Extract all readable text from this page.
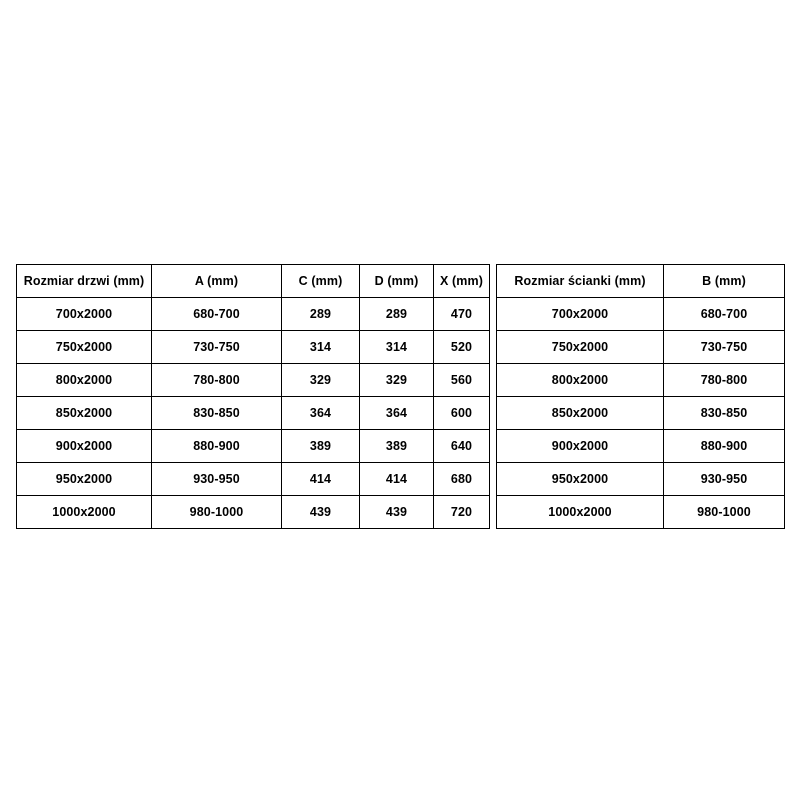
Rozmiar drzwi (mm)	A (mm)	C (mm)	D (mm)	X (mm)
700x2000	680-700	289	289	470
750x2000	730-750	314	314	520
800x2000	780-800	329	329	560
850x2000	830-850	364	364	600
900x2000	880-900	389	389	640
950x2000	930-950	414	414	680
1000x2000	980-1000	439	439	720
Rozmiar ścianki (mm)	B (mm)
700x2000	680-700
750x2000	730-750
800x2000	780-800
850x2000	830-850
900x2000	880-900
950x2000	930-950
1000x2000	980-1000
